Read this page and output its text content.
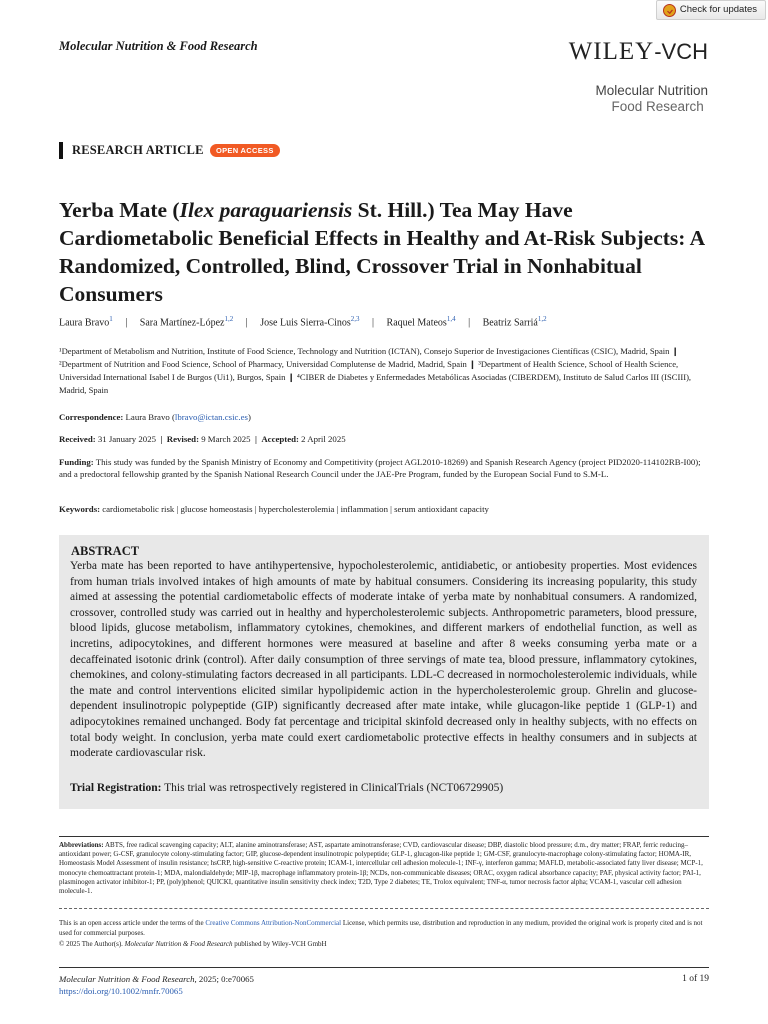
Check for updates
Molecular Nutrition & Food Research	WILEY-VCH
Molecular Nutrition
Food Research
RESEARCH ARTICLE	OPEN ACCESS
Yerba Mate (Ilex paraguariensis St. Hill.) Tea May Have Cardiometabolic Beneficial Effects in Healthy and At-Risk Subjects: A Randomized, Controlled, Blind, Crossover Trial in Nonhabitual Consumers
Laura Bravo$^1$ | Sara Martínez-López$^{1,2}$ | Jose Luis Sierra-Cinos$^{2,3}$ | Raquel Mateos$^{1,4}$ | Beatriz Sarriá$^{1,2}$
¹Department of Metabolism and Nutrition, Institute of Food Science, Technology and Nutrition (ICTAN), Consejo Superior de Investigaciones Científicas (CSIC), Madrid, Spain ❙ ²Department of Nutrition and Food Science, School of Pharmacy, Universidad Complutense de Madrid, Madrid, Spain ❙ ³Department of Health Science, School of Health Science, Universidad International Isabel I de Burgos (Ui1), Burgos, Spain ❙ ⁴CIBER de Diabetes y Enfermedades Metabólicas Asociadas (CIBERDEM), Instituto de Salud Carlos III (ISCIII), Madrid, Spain
Correspondence: Laura Bravo (lbravo@ictan.csic.es)
Received: 31 January 2025 | Revised: 9 March 2025 | Accepted: 2 April 2025
Funding: This study was funded by the Spanish Ministry of Economy and Competitivity (project AGL2010-18269) and Spanish Research Agency (project PID2020-114102RB-I00); and a predoctoral fellowship granted by the Spanish National Research Council under the JAE-Pre Program, funded by the European Social Fund to S.M-L.
Keywords: cardiometabolic risk | glucose homeostasis | hypercholesterolemia | inflammation | serum antioxidant capacity
ABSTRACT
Yerba mate has been reported to have antihypertensive, hypocholesterolemic, antidiabetic, or antiobesity properties. Most evidences from human trials involved intakes of high amounts of mate by habitual consumers. Considering its increasing popularity, this study aimed at assessing the potential cardiometabolic effects of moderate intake of yerba mate by nonhabitual consumers. A randomized, crossover, controlled study was carried out in healthy and hypercholesterolemic subjects. Anthropometric parameters, blood pressure, blood lipids, glucose metabolism, inflammatory cytokines, chemokines, and different markers of endothelial function, as well as incretins, adipocytokines, and different hormones were measured at baseline and after 8 weeks consuming yerba mate or a decaffeinated isotonic drink (control). After daily consumption of three servings of mate tea, blood pressure, inflammatory cytokines, chemokines, and colony-stimulating factors decreased in all participants. LDL-C decreased in normocholesterolemic individuals, while the mate and control interventions elicited similar hypolipidemic action in the hypercholesterolemic group. Ghrelin and glucose-dependent insulinotropic polypeptide (GIP) significantly decreased after mate intake, while glucagon-like peptide 1 (GLP-1) and adipocytokines remained unchanged. Body fat percentage and tricipital skinfold decreased only in healthy subjects, with no effects on total body weight. In conclusion, yerba mate could exert cardiometabolic protective effects in healthy consumers and in subjects at moderate cardiovascular risk.
Trial Registration: This trial was retrospectively registered in ClinicalTrials (NCT06729905)
Abbreviations: ABTS, free radical scavenging capacity; ALT, alanine aminotransferase; AST, aspartate aminotransferase; CVD, cardiovascular disease; DBP, diastolic blood pressure; d.m., dry matter; FRAP, ferric reducing–antioxidant power; G-CSF, granulocyte colony-stimulating factor; GIP, glucose-dependent insulinotropic polypeptide; GLP-1, glucagon-like peptide 1; GM-CSF, granulocyte-macrophage colony-stimulating factor; HOMA-IR, Homeostasis Model Assessment of insulin resistance; hsCRP, high-sensitive C-reactive protein; ICAM-1, intercellular cell adhesion molecule-1; INF-γ, interferon gamma; MAFLD, metabolic-associated fatty liver disease; MCP-1, monocyte chemoattractant protein-1; MDA, malondialdehyde; MIP-1β, macrophage inflammatory protein-1β; NCDs, non-communicable diseases; ORAC, oxygen radical absorbance capacity; PAF, physical activity factor; PAI-1, plasminogen activator inhibitor-1; PP, (poly)phenol; QUICKI, quantitative insulin sensitivity check index; T2D, Type 2 diabetes; TE, Trolox equivalent; TNF-α, tumor necrosis factor alpha; VCAM-1, vascular cell adhesion molecule-1.
This is an open access article under the terms of the Creative Commons Attribution-NonCommercial License, which permits use, distribution and reproduction in any medium, provided the original work is properly cited and is not used for commercial purposes.
© 2025 The Author(s). Molecular Nutrition & Food Research published by Wiley-VCH GmbH
Molecular Nutrition & Food Research, 2025; 0:e70065
https://doi.org/10.1002/mnfr.70065
1 of 19
